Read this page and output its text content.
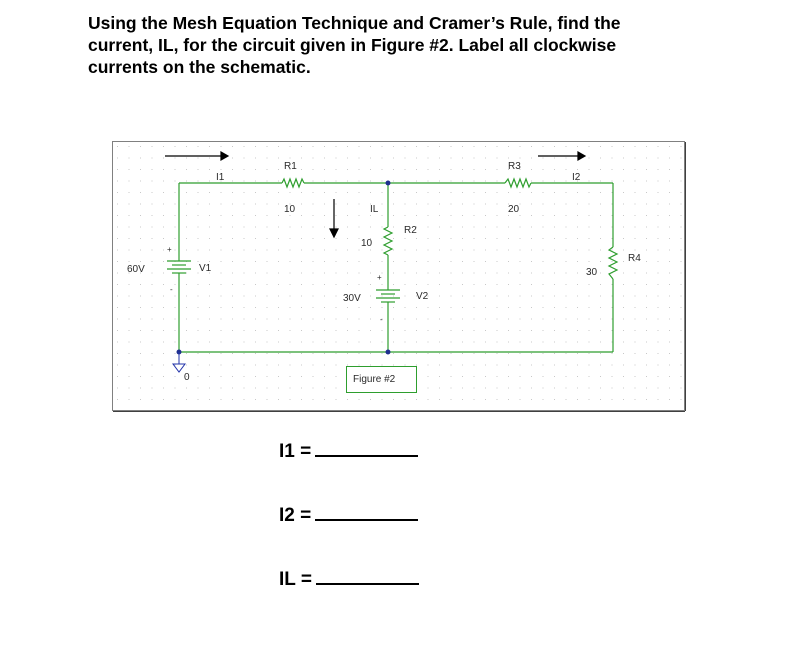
Using the Mesh Equation Technique and Cramer’s Rule, find the
current, IL, for the circuit given in Figure #2. Label all clockwise
currents on the schematic.
R1
10
R3
20
R2
10
R4
30
V1
60V
V2
30V
I1	I2
IL
0	Figure #2
+
-
+
-
I1 =
I2 =
IL =
